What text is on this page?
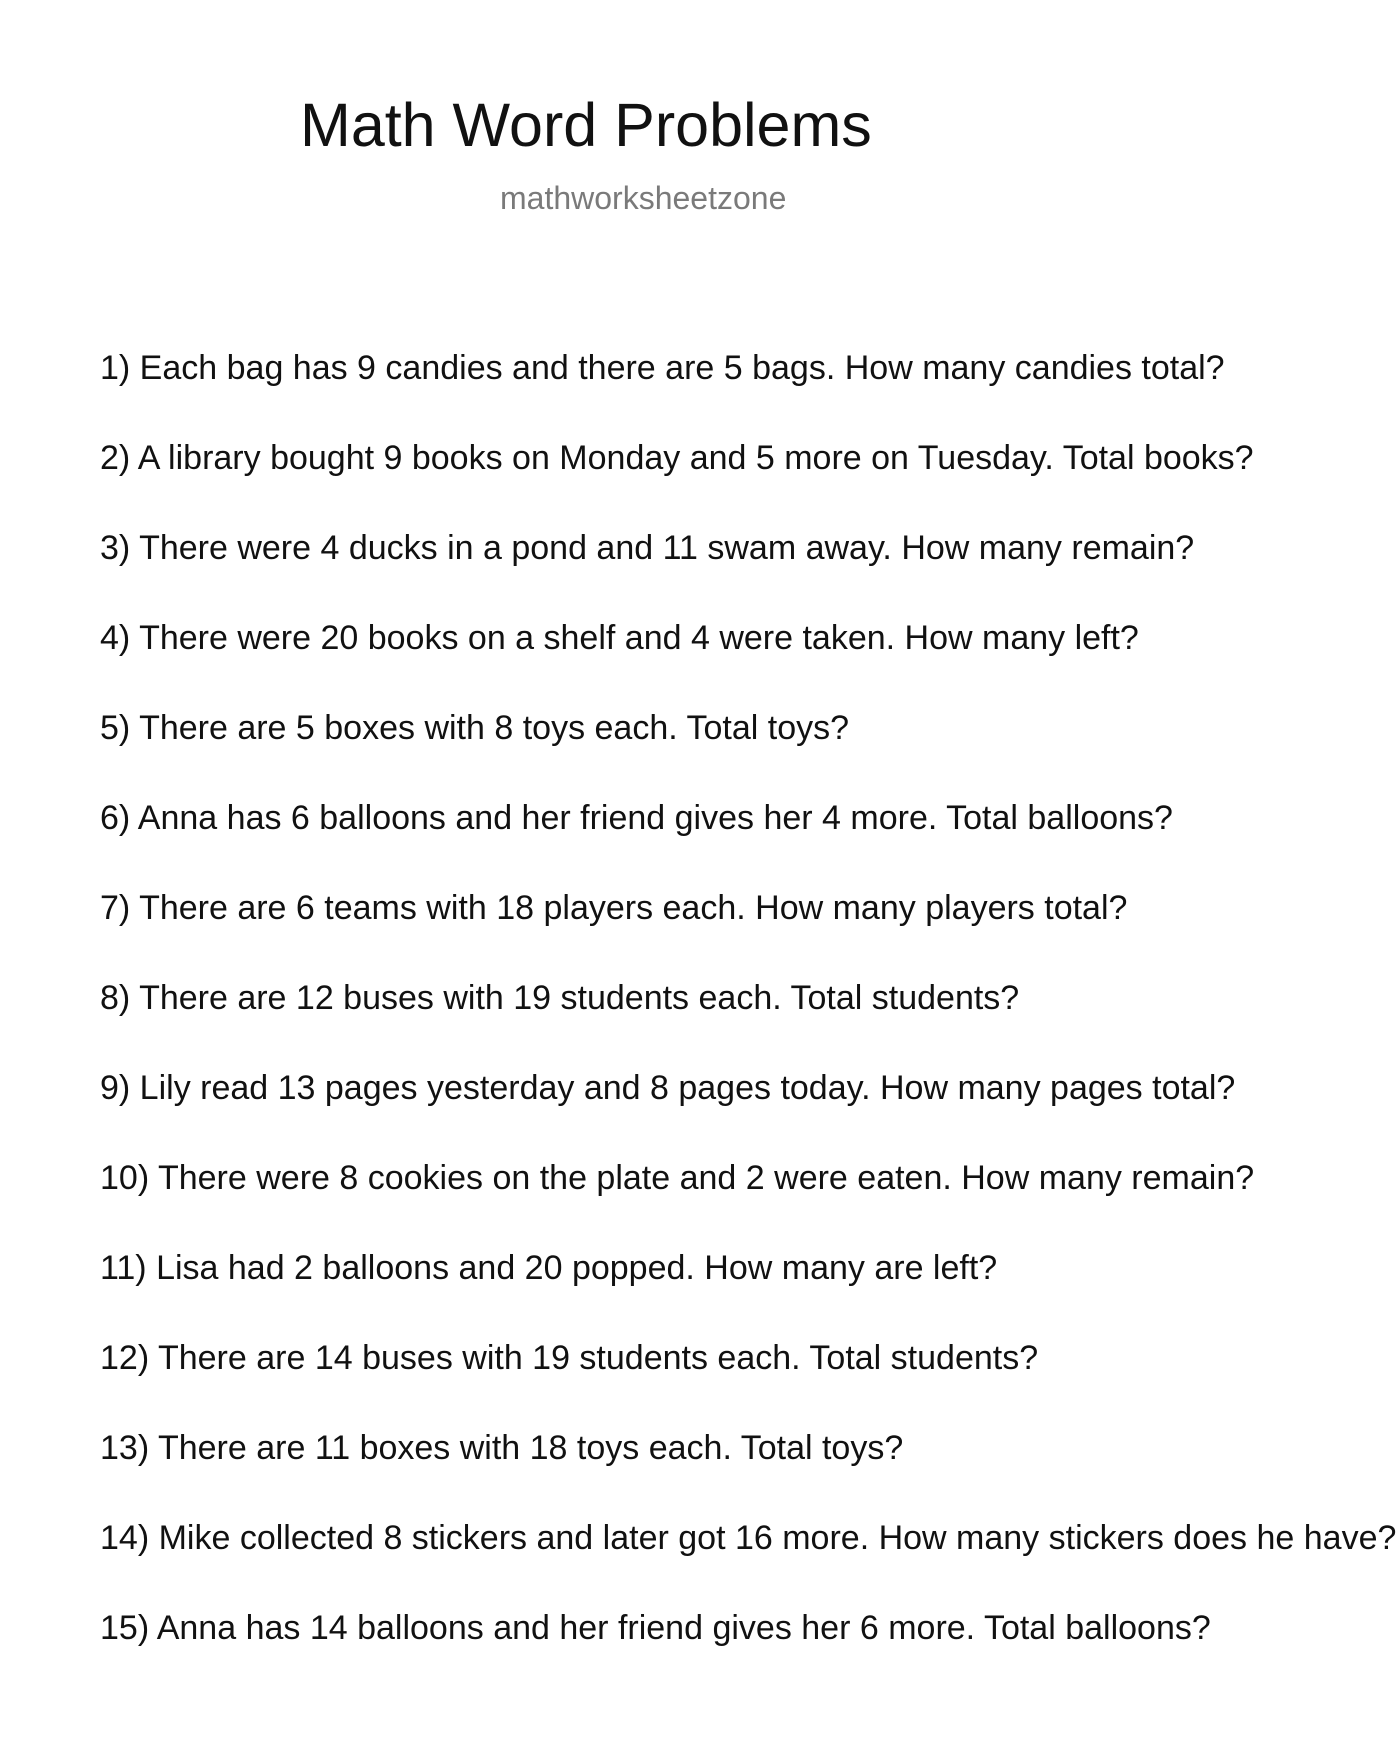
Math Word Problems
mathworksheetzone
1) Each bag has 9 candies and there are 5 bags. How many candies total?
2) A library bought 9 books on Monday and 5 more on Tuesday. Total books?
3) There were 4 ducks in a pond and 11 swam away. How many remain?
4) There were 20 books on a shelf and 4 were taken. How many left?
5) There are 5 boxes with 8 toys each. Total toys?
6) Anna has 6 balloons and her friend gives her 4 more. Total balloons?
7) There are 6 teams with 18 players each. How many players total?
8) There are 12 buses with 19 students each. Total students?
9) Lily read 13 pages yesterday and 8 pages today. How many pages total?
10) There were 8 cookies on the plate and 2 were eaten. How many remain?
11) Lisa had 2 balloons and 20 popped. How many are left?
12) There are 14 buses with 19 students each. Total students?
13) There are 11 boxes with 18 toys each. Total toys?
14) Mike collected 8 stickers and later got 16 more. How many stickers does he have?
15) Anna has 14 balloons and her friend gives her 6 more. Total balloons?
